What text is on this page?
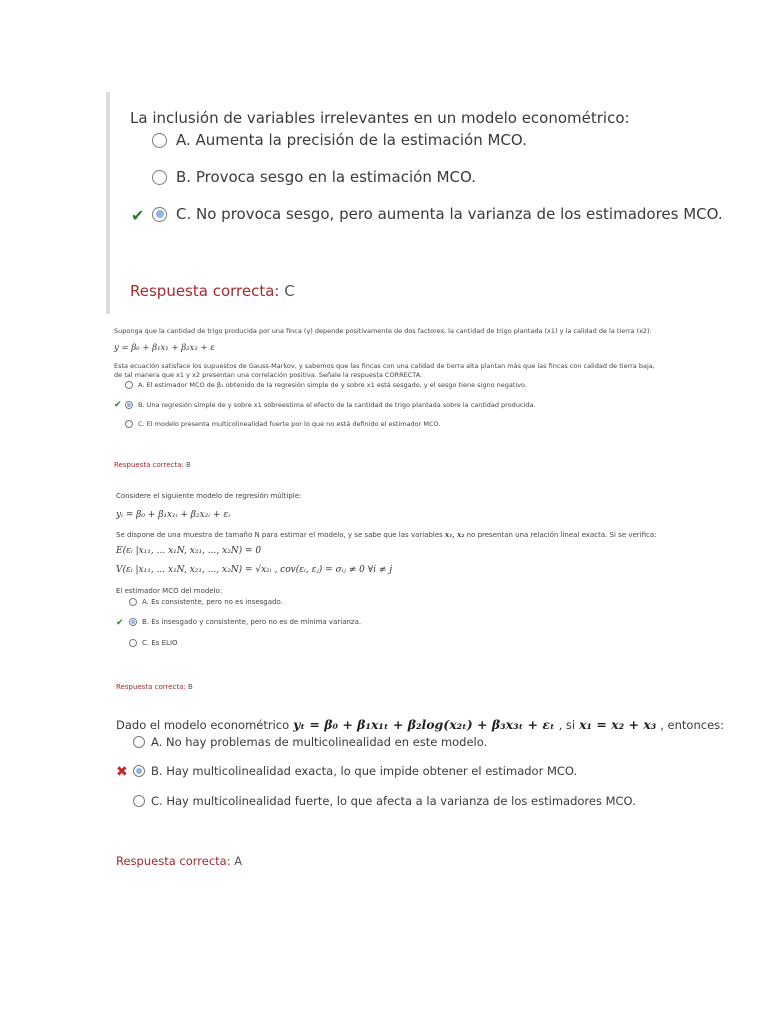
La inclusión de variables irrelevantes en un modelo econométrico:
A. Aumenta la precisión de la estimación MCO.
B. Provoca sesgo en la estimación MCO.
✔ C. No provoca sesgo, pero aumenta la varianza de los estimadores MCO.
Respuesta correcta: C
Suponga que la cantidad de trigo producida por una finca (y) depende positivamente de dos factores, la cantidad de trigo plantada (x1) y la calidad de la tierra (x2):
y = β₀ + β₁x₁ + β₂x₂ + ε
Esta ecuación satisface los supuestos de Gauss-Markov, y sabemos que las fincas con una calidad de tierra alta plantan más que las fincas con calidad de tierra baja,
de tal manera que x1 y x2 presentan una correlación positiva. Señale la respuesta CORRECTA.
A. El estimador MCO de β₁ obtenido de la regresión simple de y sobre x1 está sesgado, y el sesgo tiene signo negativo.
✔	B. Una regresión simple de y sobre x1 sobreestima el efecto de la cantidad de trigo plantada sobre la cantidad producida.
C. El modelo presenta multicolinealidad fuerte por lo que no está definido el estimador MCO.
Respuesta correcta: B
Considere el siguiente modelo de regresión múltiple:
yᵢ = β₀ + β₁x₁ᵢ + β₂x₂ᵢ + εᵢ
Se dispone de una muestra de tamaño N para estimar el modelo, y se sabe que las variables x₁, x₂ no presentan una relación lineal exacta. Si se verifica:
E(εᵢ |x₁₁, ... x₁N, x₂₁, ..., x₂N) = 0
V(εᵢ |x₁₁, ... x₁N, x₂₁, ..., x₂N) = √x₂ᵢ , cov(εᵢ, εⱼ) = σᵢⱼ ≠ 0 ∀i ≠ j
El estimador MCO del modelo:
A. Es consistente, pero no es insesgado.
✔	B. Es insesgado y consistente, pero no es de mínima varianza.
C. Es ELIO
Respuesta correcta: B
Dado el modelo econométrico yₜ = β₀ + β₁x₁ₜ + β₂log(x₂ₜ) + β₃x₃ₜ + εₜ , si x₁ = x₂ + x₃ , entonces:
A. No hay problemas de multicolinealidad en este modelo.
✖ B. Hay multicolinealidad exacta, lo que impide obtener el estimador MCO.
C. Hay multicolinealidad fuerte, lo que afecta a la varianza de los estimadores MCO.
Respuesta correcta: A
